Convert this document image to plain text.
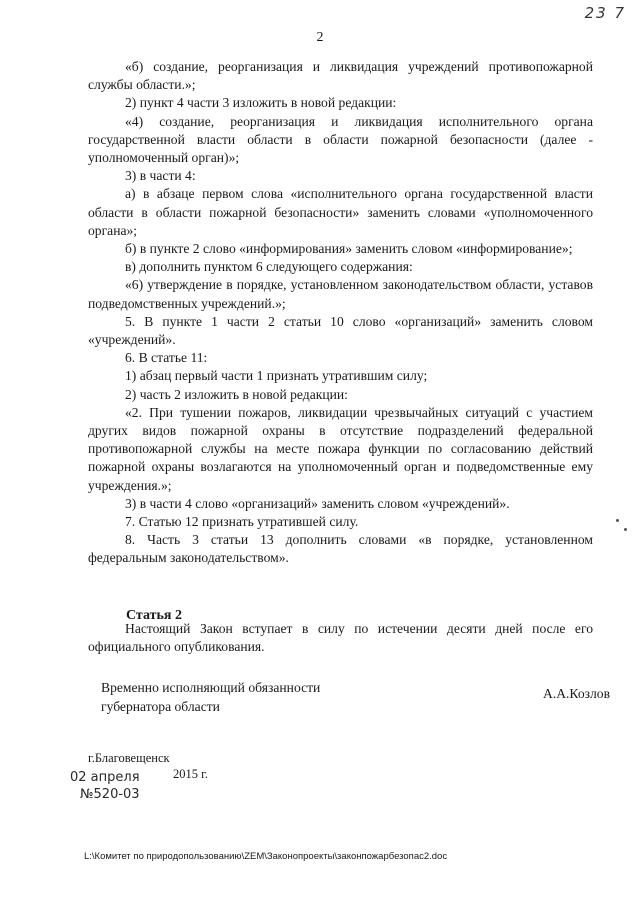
23 7
2

«б) создание, реорганизация и ликвидация учреждений противопожарной службы области.»;

2) пункт 4 части 3 изложить в новой редакции:

«4) создание, реорганизация и ликвидация исполнительного органа государственной власти области в области пожарной безопасности (далее - уполномоченный орган)»;

3) в части 4:

а) в абзаце первом слова «исполнительного органа государственной власти области в области пожарной безопасности» заменить словами «уполномоченного органа»;

б) в пункте 2 слово «информирования» заменить словом «информирование»;

в) дополнить пунктом 6 следующего содержания:

«6) утверждение в порядке, установленном законодательством области, уставов подведомственных учреждений.»;

5. В пункте 1 части 2 статьи 10 слово «организаций» заменить словом «учреждений».

6. В статье 11:

1) абзац первый части 1 признать утратившим силу;

2) часть 2 изложить в новой редакции:

«2. При тушении пожаров, ликвидации чрезвычайных ситуаций с участием других видов пожарной охраны в отсутствие подразделений федеральной противопожарной службы на месте пожара функции по согласованию действий пожарной охраны возлагаются на уполномоченный орган и подведомственные ему учреждения.»;

3) в части 4 слово «организаций» заменить словом «учреждений».

7. Статью 12 признать утратившей силу.

8. Часть 3 статьи 13 дополнить словами «в порядке, установленном федеральным законодательством».

Статья 2

Настоящий Закон вступает в силу по истечении десяти дней после его официального опубликования.

Временно исполняющий обязанности
губернатора области
А.А.Козлов
г.Благовещенск
2015 г.
02 апреля
№520-03
L:\Комитет по природопользованию\ZEM\Законопроекты\законпожарбезопас2.doc
